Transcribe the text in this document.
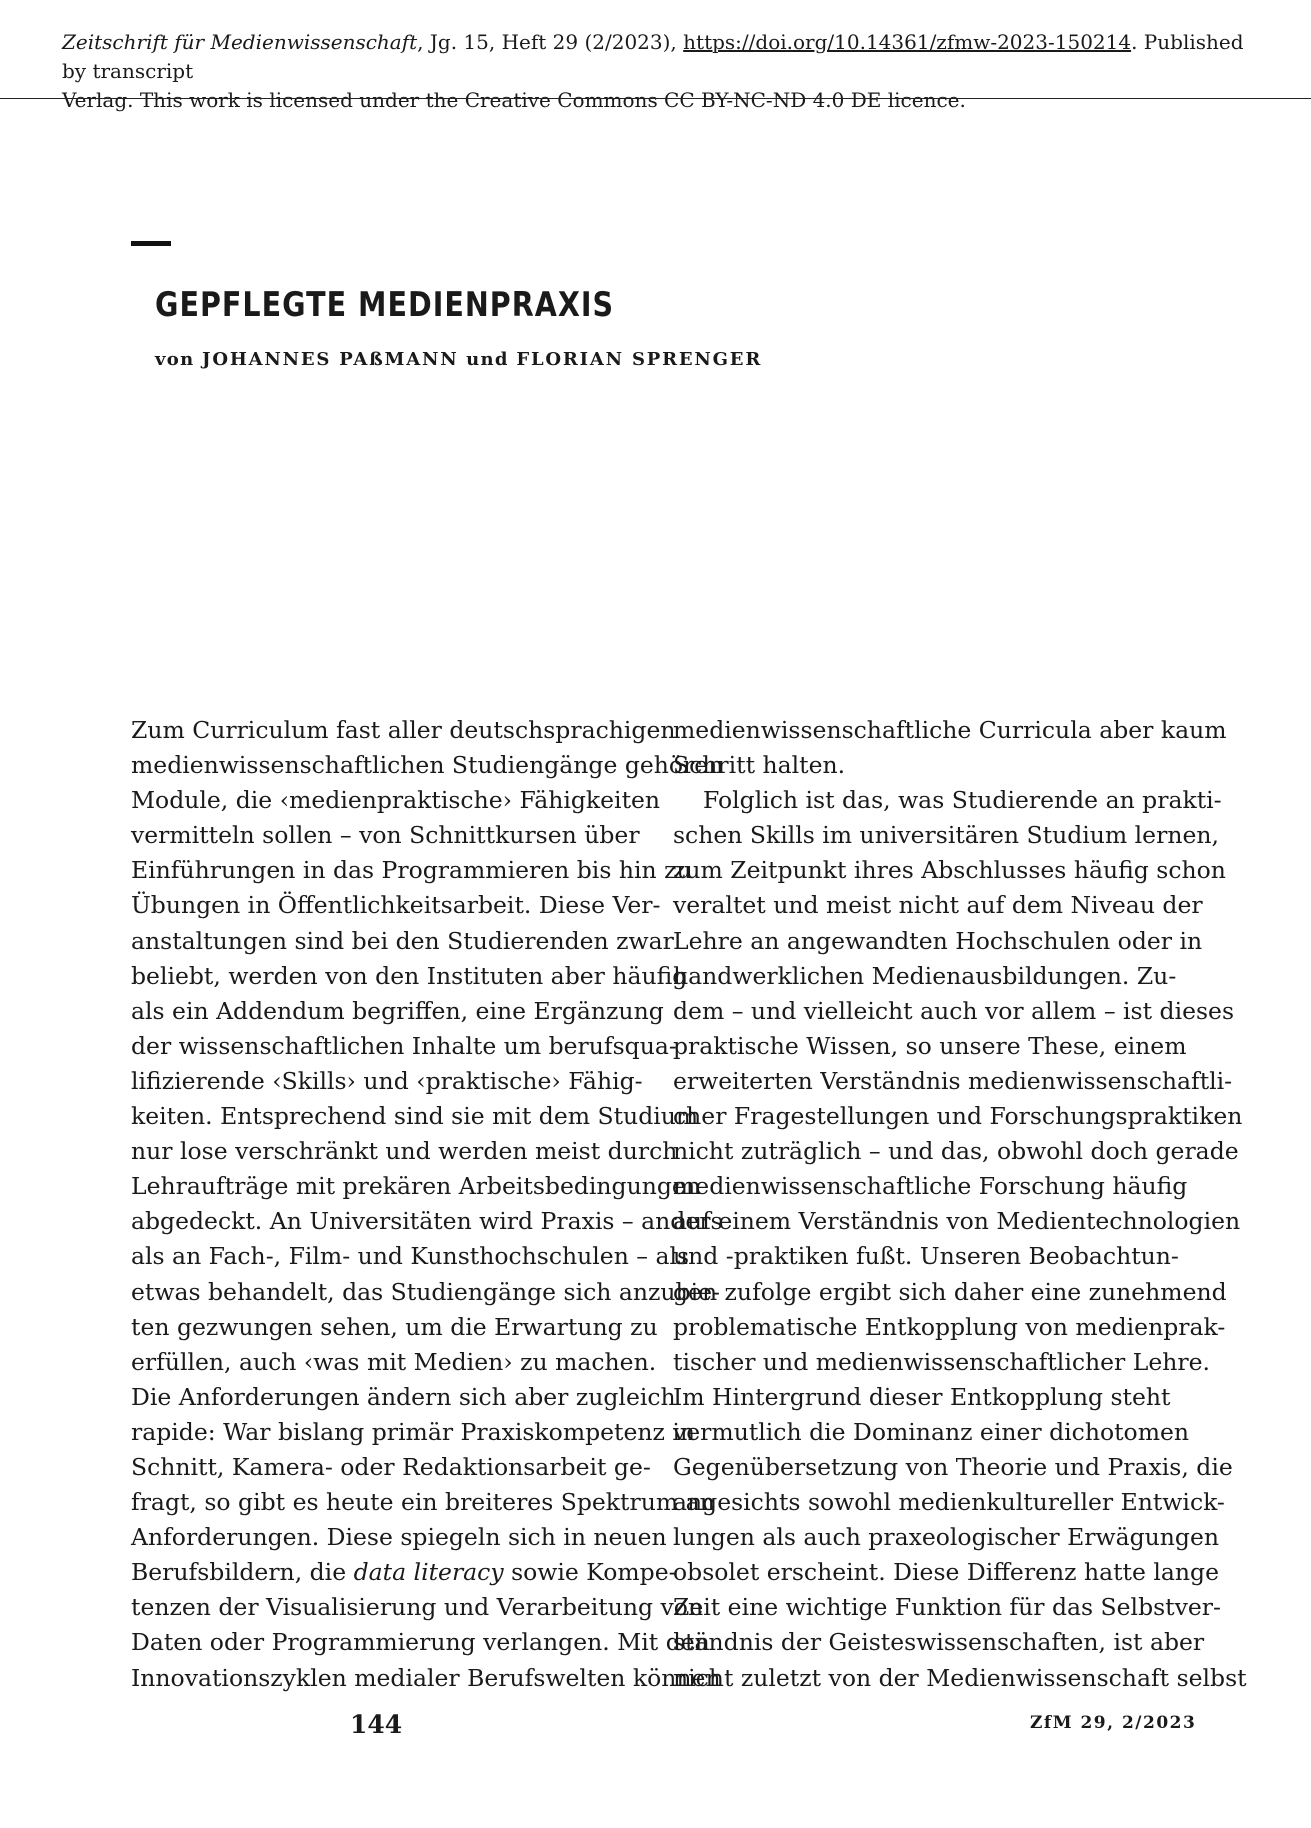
Zeitschrift für Medienwissenschaft, Jg. 15, Heft 29 (2/2023), https://doi.org/10.14361/zfmw-2023-150214. Published by transcript
Verlag. This work is licensed under the Creative Commons CC BY-NC-ND 4.0 DE licence.
GEPFLEGTE MEDIENPRAXIS
von JOHANNES PAßMANN und FLORIAN SPRENGER
Zum Curriculum fast aller deutschsprachigen
medienwissenschaftlichen Studiengänge gehören
Module, die ‹medienpraktische› Fähigkeiten
vermitteln sollen – von Schnittkursen über
Einführungen in das Programmieren bis hin zu
Übungen in Öffentlichkeitsarbeit. Diese Ver-
anstaltungen sind bei den Studierenden zwar
beliebt, werden von den Instituten aber häufig
als ein Addendum begriffen, eine Ergänzung
der wissenschaftlichen Inhalte um berufsqua-
lifizierende ‹Skills› und ‹praktische› Fähig-
keiten. Entsprechend sind sie mit dem Studium
nur lose verschränkt und werden meist durch
Lehraufträge mit prekären Arbeitsbedingungen
abgedeckt. An Universitäten wird Praxis – anders
als an Fach-, Film- und Kunsthochschulen – als
etwas behandelt, das Studiengänge sich anzubie-
ten gezwungen sehen, um die Erwartung zu
erfüllen, auch ‹was mit Medien› zu machen.
Die Anforderungen ändern sich aber zugleich
rapide: War bislang primär Praxiskompetenz in
Schnitt, Kamera- oder Redaktionsarbeit ge-
fragt, so gibt es heute ein breiteres Spektrum an
Anforderungen. Diese spiegeln sich in neuen
Berufsbildern, die data literacy sowie Kompe-
tenzen der Visualisierung und Verarbeitung von
Daten oder Programmierung verlangen. Mit den
Innovationszyklen medialer Berufswelten können
medienwissenschaftliche Curricula aber kaum
Schritt halten.
Folglich ist das, was Studierende an prakti-
schen Skills im universitären Studium lernen,
zum Zeitpunkt ihres Abschlusses häufig schon
veraltet und meist nicht auf dem Niveau der
Lehre an angewandten Hochschulen oder in
handwerklichen Medienausbildungen. Zu-
dem – und vielleicht auch vor allem – ist dieses
praktische Wissen, so unsere These, einem
erweiterten Verständnis medienwissenschaftli-
cher Fragestellungen und Forschungspraktiken
nicht zuträglich – und das, obwohl doch gerade
medienwissenschaftliche Forschung häufig
auf einem Verständnis von Medientechnologien
und -praktiken fußt. Unseren Beobachtun-
gen zufolge ergibt sich daher eine zunehmend
problematische Entkopplung von medienprak-
tischer und medienwissenschaftlicher Lehre.
Im Hintergrund dieser Entkopplung steht
vermutlich die Dominanz einer dichotomen
Gegenübersetzung von Theorie und Praxis, die
angesichts sowohl medienkultureller Entwick-
lungen als auch praxeologischer Erwägungen
obsolet erscheint. Diese Differenz hatte lange
Zeit eine wichtige Funktion für das Selbstver-
ständnis der Geisteswissenschaften, ist aber
nicht zuletzt von der Medienwissenschaft selbst
144	ZfM 29, 2/2023
